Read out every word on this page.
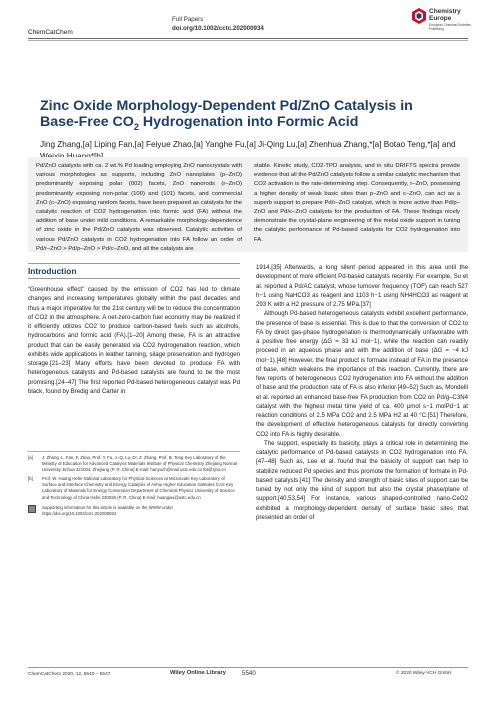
ChemCatChem
Full Papers
doi.org/10.1002/cctc.202000934
Chemistry
Europe
European Chemical Societies Publishing
Zinc Oxide Morphology-Dependent Pd/ZnO Catalysis in
Base-Free $CO_2$ Hydrogenation into Formic Acid
Jing Zhang,[a] Liping Fan,[a] Feiyue Zhao,[a] Yanghe Fu,[a] Ji-Qing Lu,[a] Zhenhua Zhang,*[a] Botao Teng,*[a] and
Pd/ZnO catalysts with ca. 2 wt.% Pd loading employing ZnO nanocrystals with various morphologies as supports, including ZnO nanoplates (p–ZnO) predominantly exposing polar (002) facets, ZnO nanorods (r–ZnO) predominantly exposing non-polar (100) and (101) facets, and commercial ZnO (c–ZnO) exposing random facets, have been prepared as catalysts for the catalytic reaction of CO2 hydrogenation into formic acid (FA) without the addition of base under mild conditions. A remarkable morphology-dependence of zinc oxide in the Pd/ZnO catalysts was observed. Catalytic activities of various Pd/ZnO catalysts in CO2 hydrogenation into FA follow an order of Pd/r–ZnO > Pd/p–ZnO > Pd/c–ZnO, and all the catalysts are
stable. Kinetic study, CO2-TPD analysis, and in situ DRIFTS spectra provide evidence that all the Pd/ZnO catalysts follow a similar catalytic mechanism that CO2 activation is the rate-determining step. Consequently, r–ZnO, possessing a higher density of weak basic sites than p–ZnO and c–ZnO, can act as a superb support to prepare Pd/r–ZnO catalyst, which is more active than Pd/p–ZnO and Pd/c–ZnO catalysts for the production of FA. These findings nicely demonstrate the crystal-plane engineering of the metal oxide support in tuning the catalytic performance of Pd-based catalysts for CO2 hydrogenation into FA.
Introduction

“Greenhouse effect” caused by the emission of CO2 has led to climate changes and increasing temperatures globally within the past decades and thus a major imperative for the 21st century will be to reduce the concentration of CO2 in the atmosphere. A net-zero-carbon fuel economy may be realized if it efficiently utilizes CO2 to produce carbon-based fuels such as alcohols, hydrocarbons and formic acid (FA).[1–20] Among these, FA is an attractive product that can be easily generated via CO2 hydrogenation reaction, which exhibits wide applications in leather tanning, silage preservation and hydrogen storage.[21–23] Many efforts have been devoted to produce FA with heterogeneous catalysts and Pd-based catalysts are found to be the most promising.[24–47] The first reported Pd-based heterogeneous catalyst was Pd black, found by Bredig and Carter in

[a] J. Zhang, L. Fan, F. Zhao, Prof. Y. Fu, J.-Q. Lu, Dr. Z. Zhang, Prof. B. Teng Key Laboratory of the Ministry of Education for Advanced Catalysis Materials Institute of Physical Chemistry Zhejiang Normal University Jinhua 321004, Zhejiang (P. R. China) E-mail: hanyuzh@mail.ustc.edu.cn tbt@zjnu.cn
[b] Prof. W. Huang Hefei National Laboratory for Physical Sciences at Microscale Key Laboratory of Surface and Interface Chemistry and Energy Catalysis of Anhui Higher Education Institutes CAS Key Laboratory of Materials for Energy Conversion Department of Chemical Physics University of Science and Technology of China Hefei 230026 (P. R. China) E-mail: huangwx@ustc.edu.cn
Supporting information for this article is available on the WWW under https://doi.org/10.1002/cctc.202000934

1914.[35] Afterwards, a long silent period appeared in this area until the development of more efficient Pd-based catalysts recently. For example, Su et al. reported a Pd/AC catalyst, whose turnover frequency (TOF) can reach 527 h−1 using NaHCO3 as reagent and 1103 h−1 using NH4HCO3 as reagent at 293 K with a H2 pressure of 2.75 MPa.[37]

Although Pd-based heterogeneous catalysts exhibit excellent performance, the presence of base is essential. This is due to that the conversion of CO2 to FA by direct gas-phase hydrogenation is thermodynamically unfavorable with a positive free energy (ΔG = 33 kJ mol−1), while the reaction can readily proceed in an aqueous phase and with the addition of base (ΔG = −4 kJ mol−1).[48] However, the final product is formate instead of FA in the presence of base, which weakens the importance of this reaction. Currently, there are few reports of heterogeneous CO2 hydrogenation into FA without the addition of base and the production rate of FA is also inferior.[49–52] Such as, Mondelli et al. reported an enhanced base-free FA production from CO2 on Pd/g–C3N4 catalyst with the highest metal time yield of ca. 400 μmol s−1 molPd−1 at reaction conditions of 2.5 MPa CO2 and 2.5 MPa H2 at 40 °C.[51] Therefore, the development of effective heterogeneous catalysts for directly converting CO2 into FA is highly desirable.

The support, especially its basicity, plays a critical role in determining the catalytic performance of Pd-based catalysts in CO2 hydrogenation into FA.[47–48] Such as, Lee et al. found that the basicity of support can help to stabilize reduced Pd species and thus promote the formation of formate in Pd-based catalysts.[41] The density and strength of basic sites of support can be tuned by not only the kind of support but also the crystal phase/plane of support.[40,53,54] For instance, various shaped-controlled nano-CeO2 exhibited a morphology-dependent density of surface basic sites that presented an order of

ChemCatChem 2020, 12, 5540 – 5547	Wiley Online Library	5540	© 2020 Wiley-VCH GmbH
